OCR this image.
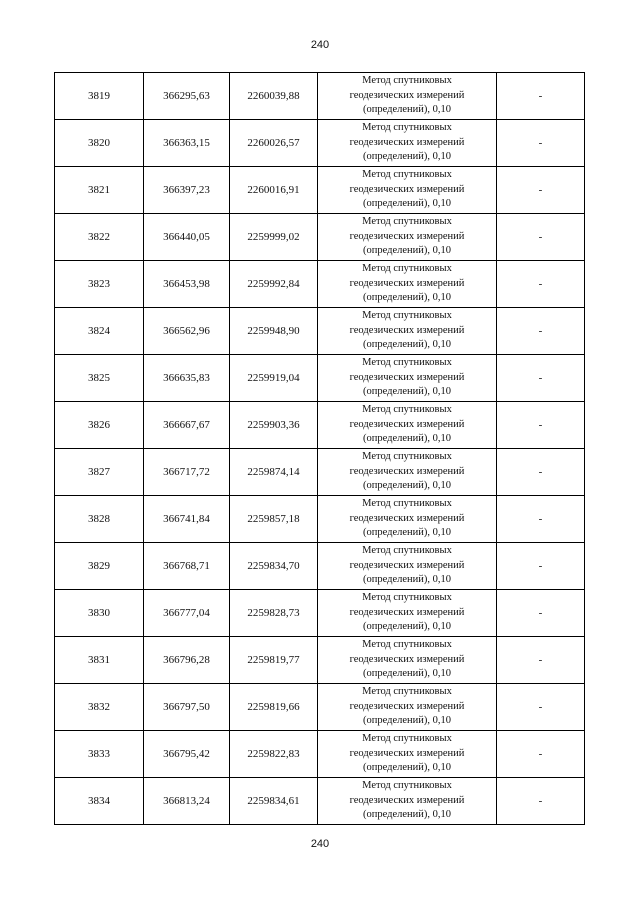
240
3819	366295,63	2260039,88	Метод спутниковых
геодезических измерений
(определений), 0,10	-
3820	366363,15	2260026,57	Метод спутниковых
геодезических измерений
(определений), 0,10	-
3821	366397,23	2260016,91	Метод спутниковых
геодезических измерений
(определений), 0,10	-
3822	366440,05	2259999,02	Метод спутниковых
геодезических измерений
(определений), 0,10	-
3823	366453,98	2259992,84	Метод спутниковых
геодезических измерений
(определений), 0,10	-
3824	366562,96	2259948,90	Метод спутниковых
геодезических измерений
(определений), 0,10	-
3825	366635,83	2259919,04	Метод спутниковых
геодезических измерений
(определений), 0,10	-
3826	366667,67	2259903,36	Метод спутниковых
геодезических измерений
(определений), 0,10	-
3827	366717,72	2259874,14	Метод спутниковых
геодезических измерений
(определений), 0,10	-
3828	366741,84	2259857,18	Метод спутниковых
геодезических измерений
(определений), 0,10	-
3829	366768,71	2259834,70	Метод спутниковых
геодезических измерений
(определений), 0,10	-
3830	366777,04	2259828,73	Метод спутниковых
геодезических измерений
(определений), 0,10	-
3831	366796,28	2259819,77	Метод спутниковых
геодезических измерений
(определений), 0,10	-
3832	366797,50	2259819,66	Метод спутниковых
геодезических измерений
(определений), 0,10	-
3833	366795,42	2259822,83	Метод спутниковых
геодезических измерений
(определений), 0,10	-
3834	366813,24	2259834,61	Метод спутниковых
геодезических измерений
(определений), 0,10	-
240
